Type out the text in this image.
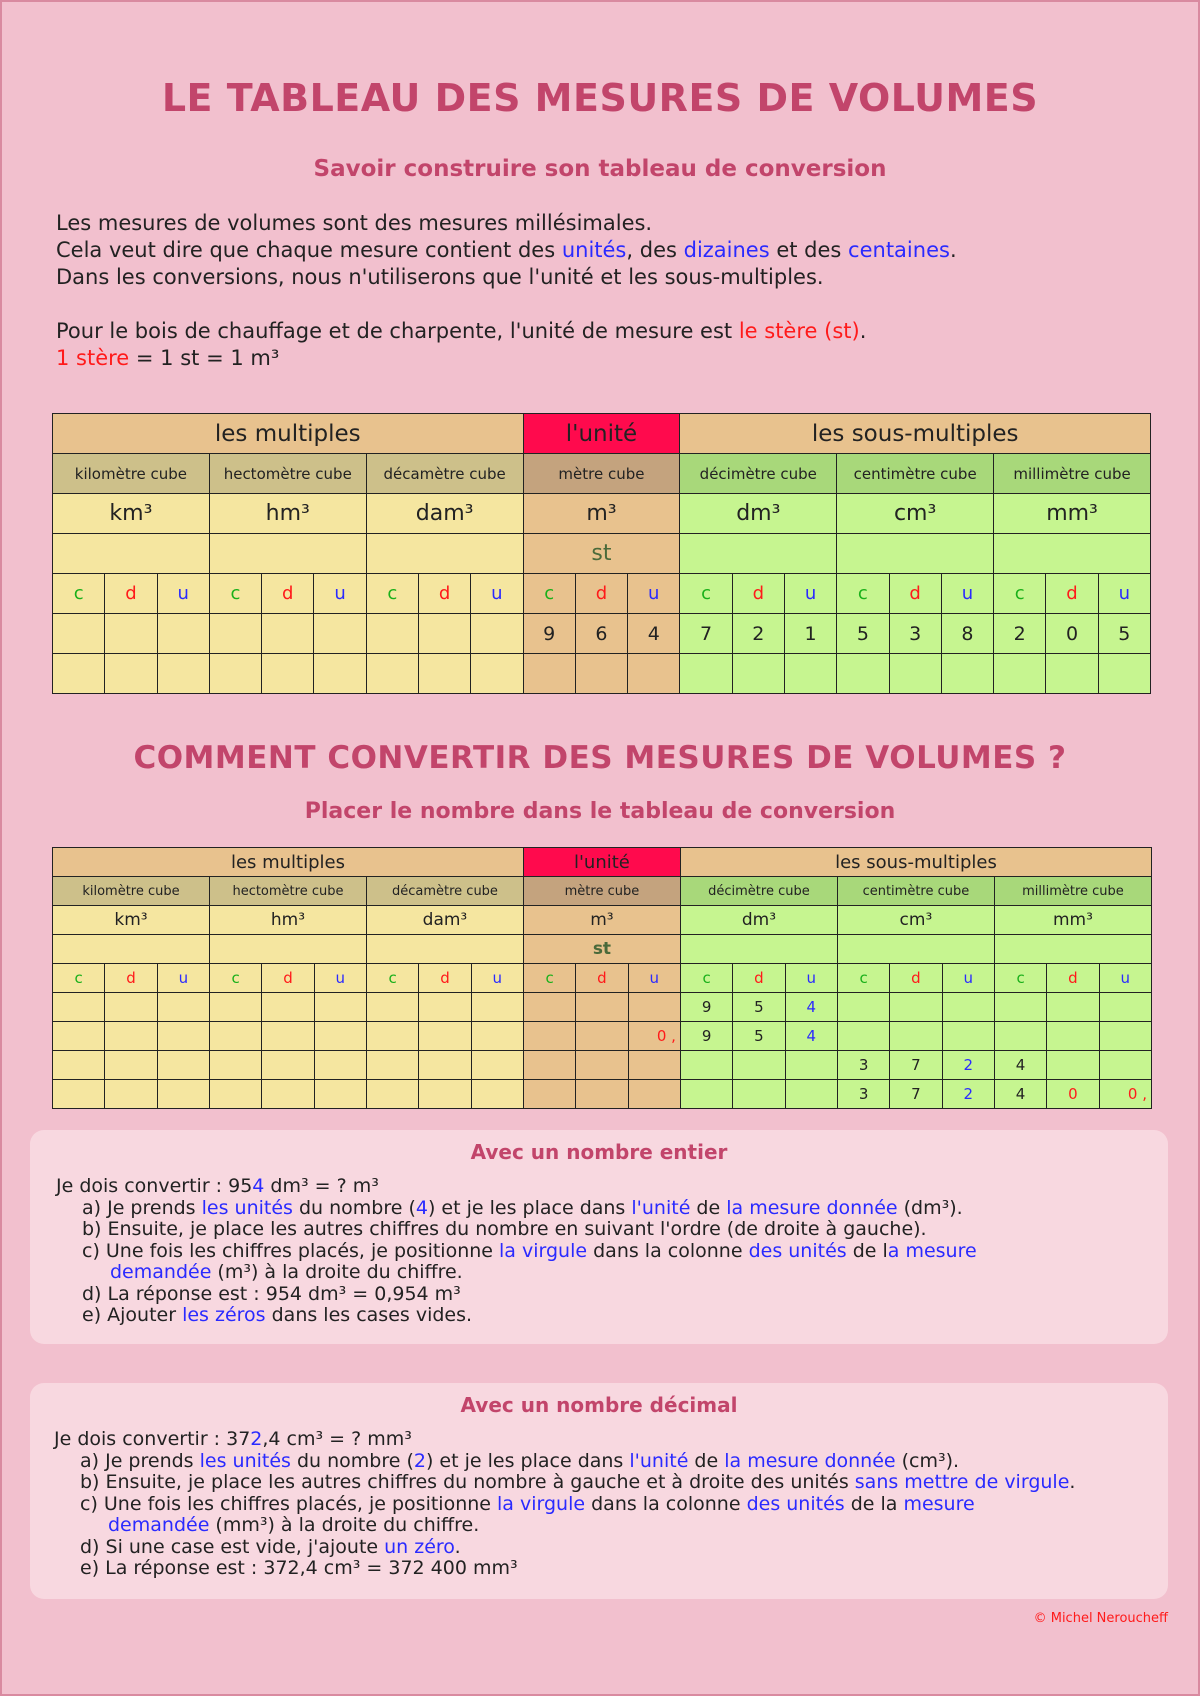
LE TABLEAU DES MESURES DE VOLUMES
Savoir construire son tableau de conversion

Les mesures de volumes sont des mesures millésimales.

Cela veut dire que chaque mesure contient des unités, des dizaines et des centaines.

Dans les conversions, nous n'utiliserons que l'unité et les sous-multiples.

Pour le bois de chauffage et de charpente, l'unité de mesure est le stère (st).

1 stère = 1 st = 1 m³

les multiples									l'unité			les sous-multiples								
kilomètre cube			hectomètre cube			décamètre cube			mètre cube			décimètre cube			centimètre cube			millimètre cube		
km³			hm³			dam³			m³			dm³			cm³			mm³		
									st											
c	d	u	c	d	u	c	d	u	c	d	u	c	d	u	c	d	u	c	d	u
									9	6	4	7	2	1	5	3	8	2	0	5

COMMENT CONVERTIR DES MESURES DE VOLUMES ?
Placer le nombre dans le tableau de conversion
les multiples									l'unité			les sous-multiples								
kilomètre cube			hectomètre cube			décamètre cube			mètre cube			décimètre cube			centimètre cube			millimètre cube		
km³			hm³			dam³			m³			dm³			cm³			mm³		
									st											
c	d	u	c	d	u	c	d	u	c	d	u	c	d	u	c	d	u	c	d	u
												9	5	4						
											0 ,	9	5	4						
															3	7	2	4		
															3	7	2	4	0	0 ,
Avec un nombre entier

Je dois convertir : 954 dm³ = ? m³

a) Je prends les unités du nombre (4) et je les place dans l'unité de la mesure donnée (dm³).

b) Ensuite, je place les autres chiffres du nombre en suivant l'ordre (de droite à gauche).

c) Une fois les chiffres placés, je positionne la virgule dans la colonne des unités de la mesure

demandée (m³) à la droite du chiffre.

d) La réponse est : 954 dm³ = 0,954 m³

e) Ajouter les zéros dans les cases vides.

Avec un nombre décimal

Je dois convertir : 372,4 cm³ = ? mm³

a) Je prends les unités du nombre (2) et je les place dans l'unité de la mesure donnée (cm³).

b) Ensuite, je place les autres chiffres du nombre à gauche et à droite des unités sans mettre de virgule.

c) Une fois les chiffres placés, je positionne la virgule dans la colonne des unités de la mesure

demandée (mm³) à la droite du chiffre.

d) Si une case est vide, j'ajoute un zéro.

e) La réponse est : 372,4 cm³ = 372 400 mm³

© Michel Neroucheff
